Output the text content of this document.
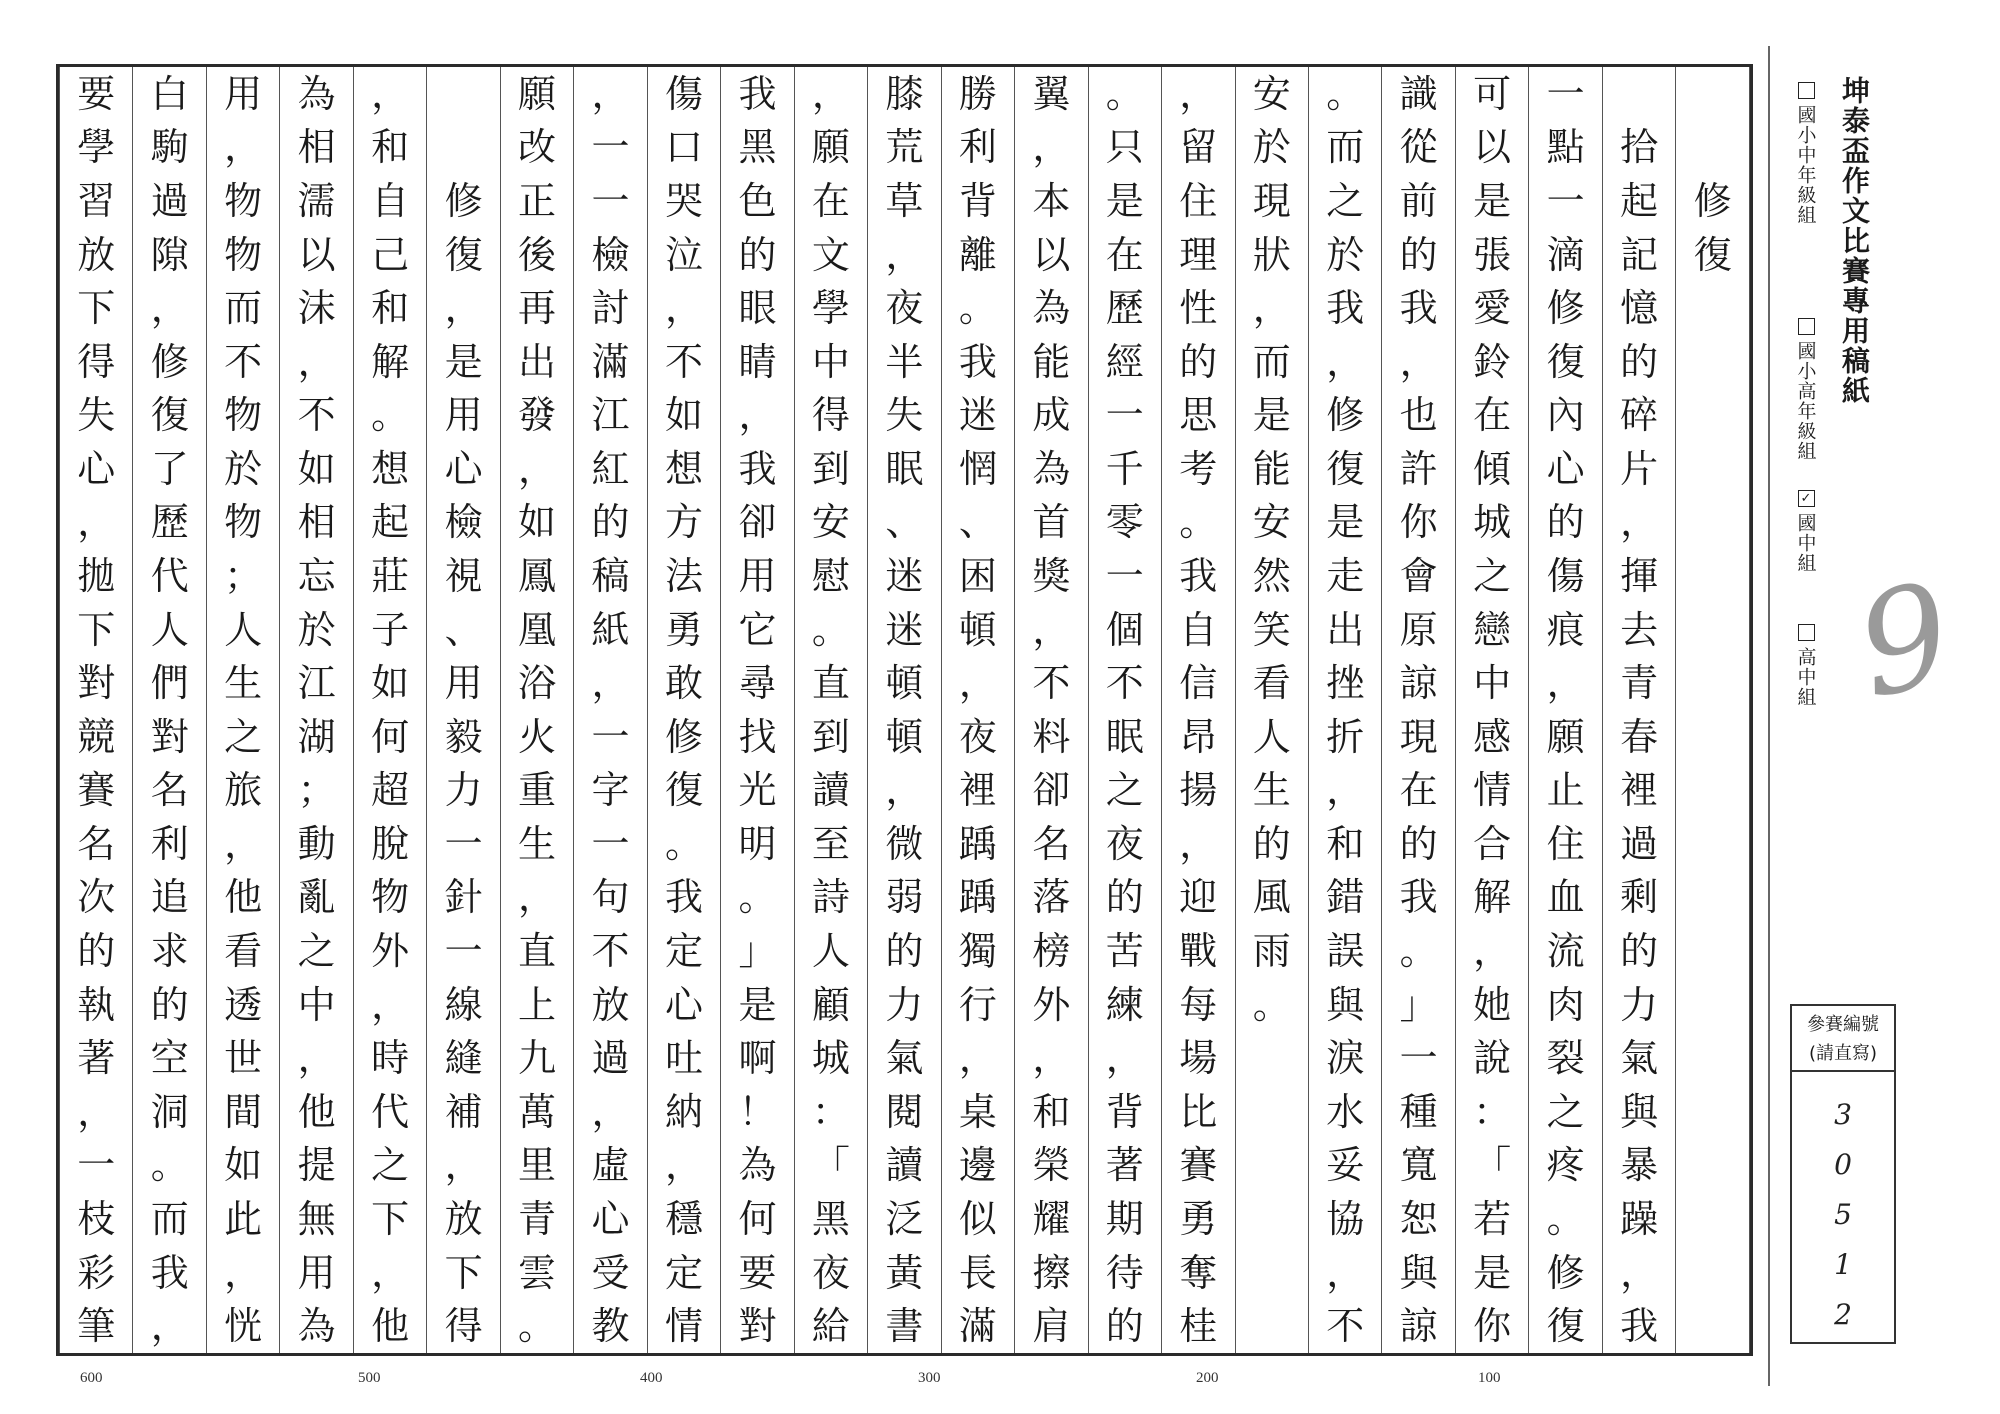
要	白	用	為	，		願	，	傷	我	，	膝	勝	翼	。	，	安	。	識	可	一		
學	駒	，	相	和		改	一	口	黑	願	荒	利	，	只	留	於	而	從	以	點	拾	
習	過	物	濡	自	修	正	一	哭	色	在	草	背	本	是	住	現	之	前	是	一	起	修
放	隙	物	以	己	復	後	檢	泣	的	文	，	離	以	在	理	狀	於	的	張	滴	記	復
下	，	而	沫	和	，	再	討	，	眼	學	夜	。	為	歷	性	，	我	我	愛	修	憶	
得	修	不	，	解	是	出	滿	不	睛	中	半	我	能	經	的	而	，	，	鈴	復	的	
失	復	物	不	。	用	發	江	如	，	得	失	迷	成	一	思	是	修	也	在	內	碎	
心	了	於	如	想	心	，	紅	想	我	到	眠	惘	為	千	考	能	復	許	傾	心	片	
，	歷	物	相	起	檢	如	的	方	卻	安	、	、	首	零	。	安	是	你	城	的	，	
拋	代	；	忘	莊	視	鳳	稿	法	用	慰	迷	困	獎	一	我	然	走	會	之	傷	揮	
下	人	人	於	子	、	凰	紙	勇	它	。	迷	頓	，	個	自	笑	出	原	戀	痕	去	
對	們	生	江	如	用	浴	，	敢	尋	直	頓	，	不	不	信	看	挫	諒	中	，	青	
競	對	之	湖	何	毅	火	一	修	找	到	頓	夜	料	眠	昂	人	折	現	感	願	春	
賽	名	旅	；	超	力	重	字	復	光	讀	，	裡	卻	之	揚	生	，	在	情	止	裡	
名	利	，	動	脫	一	生	一	。	明	至	微	踽	名	夜	，	的	和	的	合	住	過	
次	追	他	亂	物	針	，	句	我	。	詩	弱	踽	落	的	迎	風	錯	我	解	血	剩	
的	求	看	之	外	一	直	不	定	」	人	的	獨	榜	苦	戰	雨	誤	。	，	流	的	
執	的	透	中	，	線	上	放	心	是	顧	力	行	外	練	每	。	與	」	她	肉	力	
著	空	世	，	時	縫	九	過	吐	啊	城	氣	，	，	，	場		淚	一	說	裂	氣	
，	洞	間	他	代	補	萬	，	納	！	：	閱	桌	和	背	比		水	種	：	之	與	
一	。	如	提	之	，	里	虛	，	為	「	讀	邊	榮	著	賽		妥	寬	「	疼	暴	
枝	而	此	無	下	放	青	心	穩	何	黑	泛	似	耀	期	勇		協	恕	若	。	躁	
彩	我	，	用	，	下	雲	受	定	要	夜	黃	長	擦	待	奪		，	與	是	修	，	
筆	，	恍	為	他	得	。	教	情	對	給	書	滿	肩	的	桂		不	諒	你	復	我	
600	500	400	300	200	100
坤泰盃作文比賽專用稿紙
國小中年級組
國小高年級組
✓
國中組
高中組 9
參賽編號
(請直寫)
3
0
5
1
2
